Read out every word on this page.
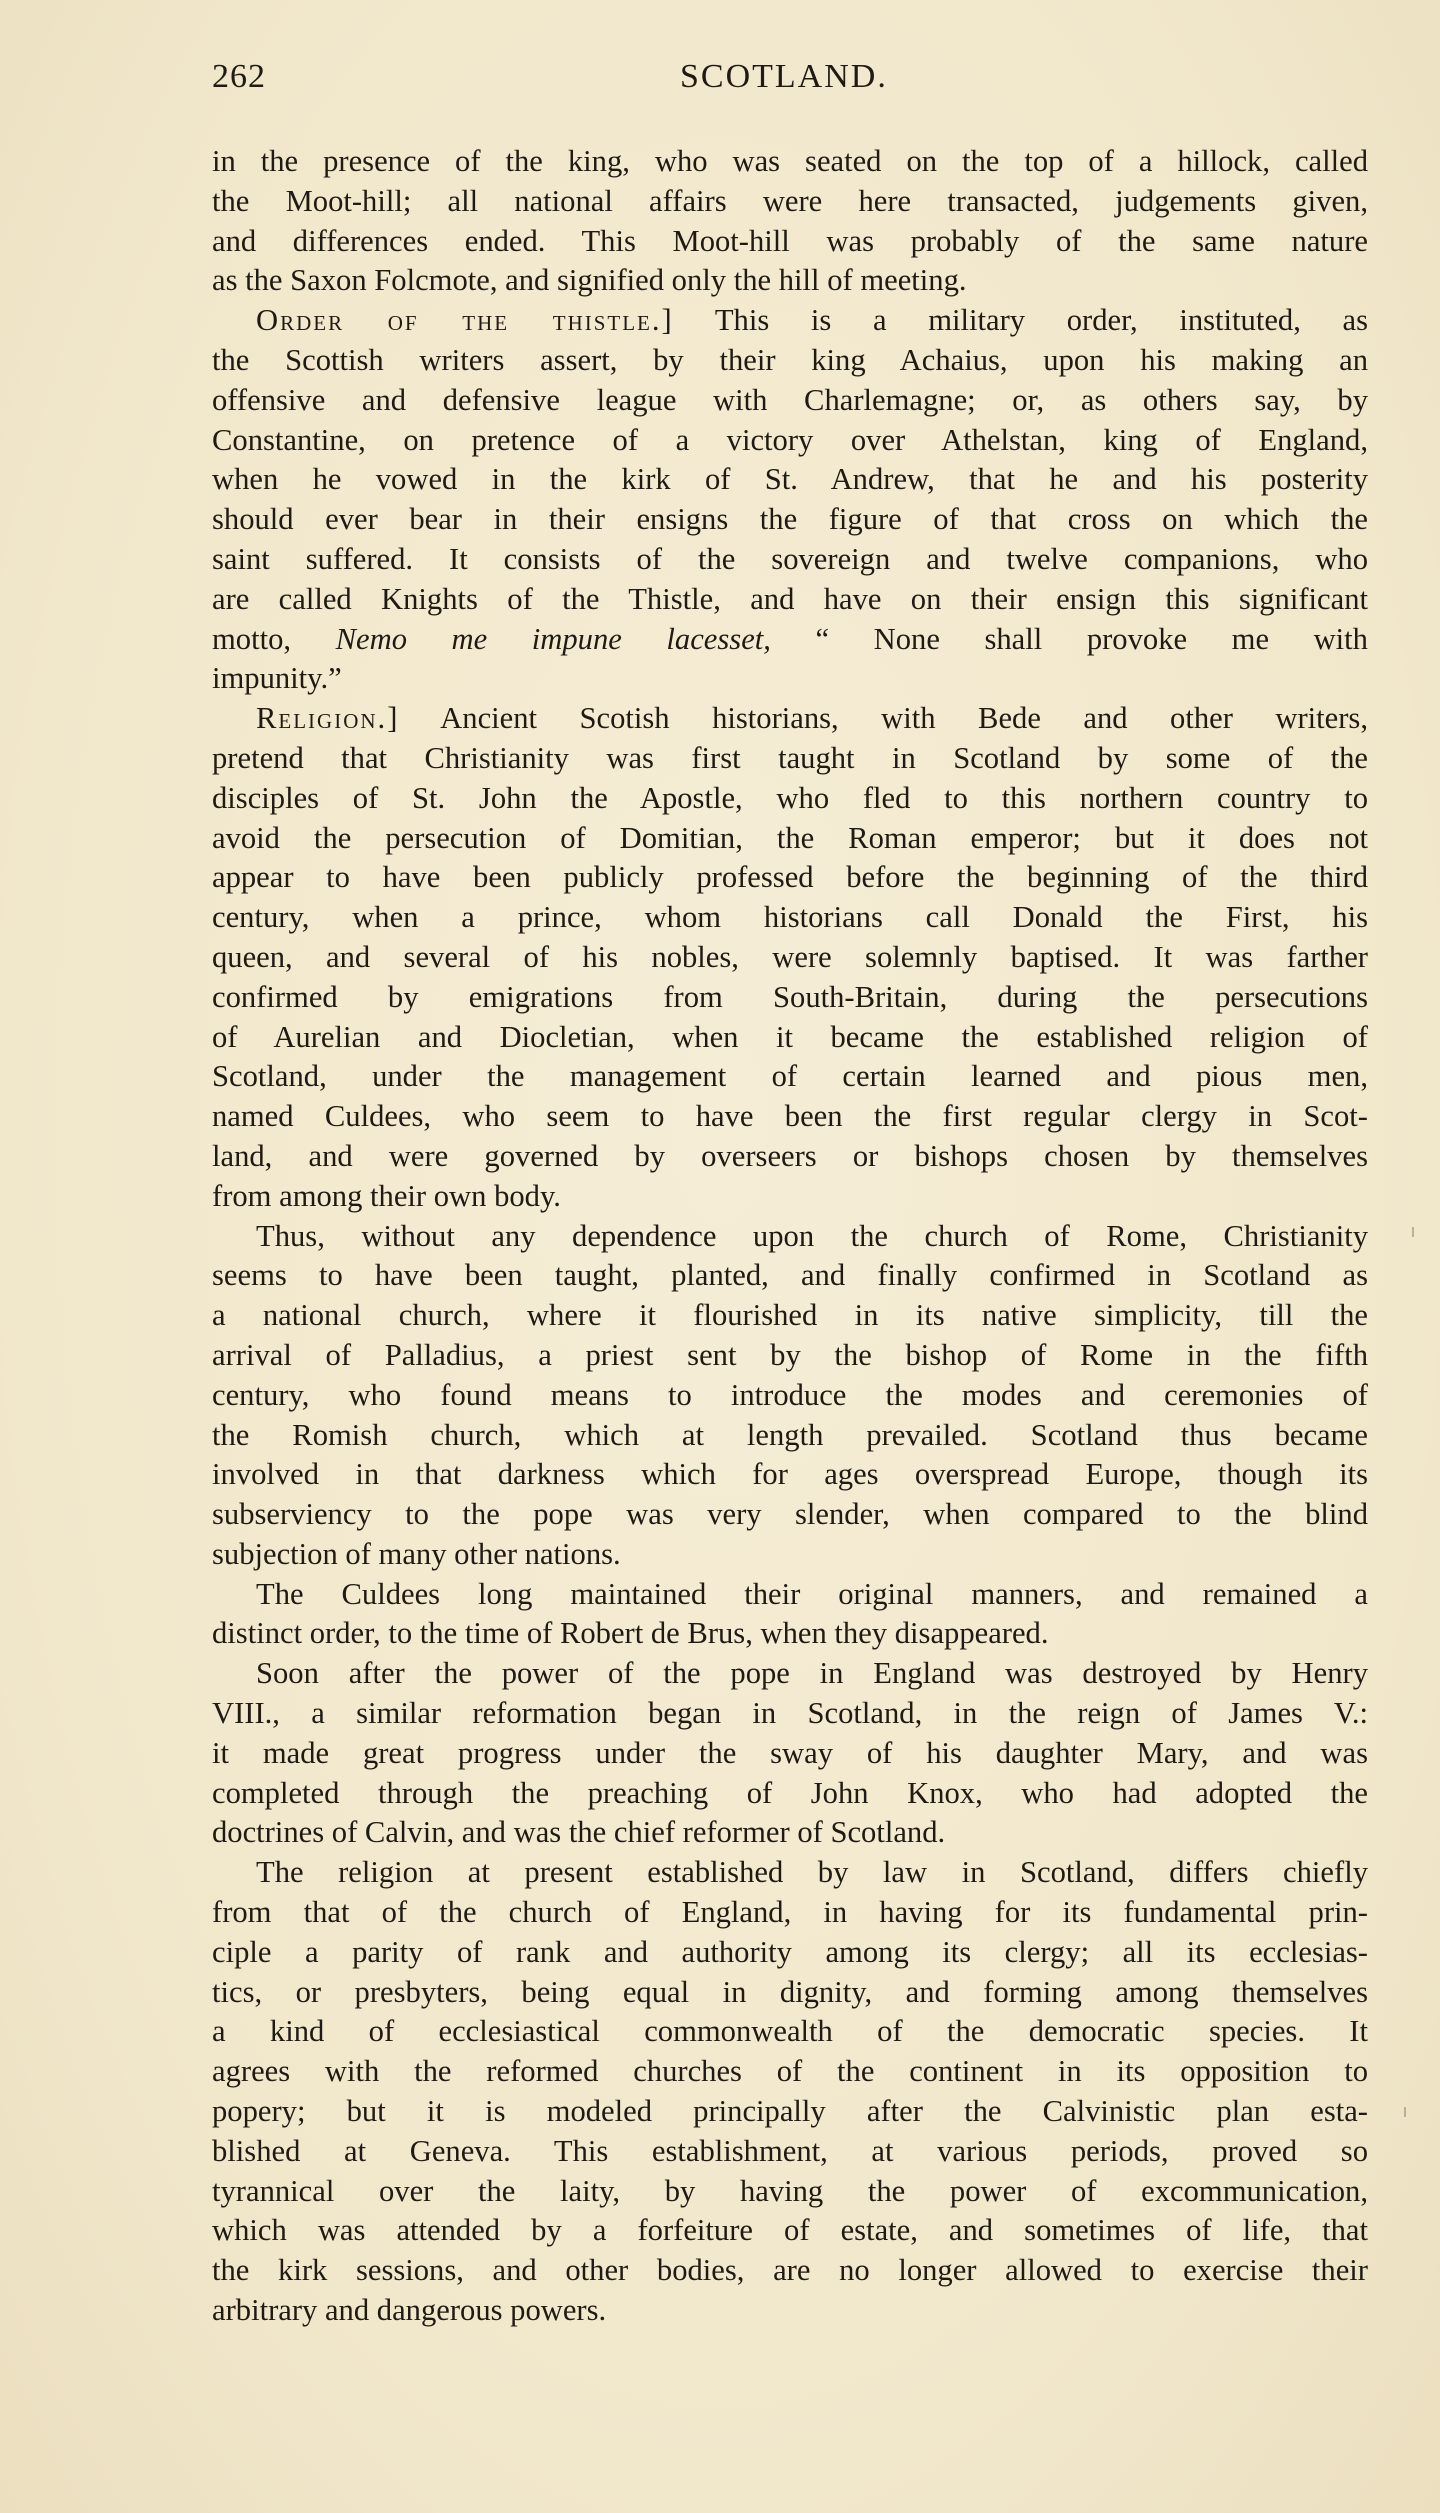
262	SCOTLAND.
in the presence of the king, who was seated on the top of a hillock, called
the Moot-hill; all national affairs were here transacted, judgements given,
and differences ended. This Moot-hill was probably of the same nature
as the Saxon Folcmote, and signified only the hill of meeting.
Order of the thistle.] This is a military order, instituted, as
the Scottish writers assert, by their king Achaius, upon his making an
offensive and defensive league with Charlemagne; or, as others say, by
Constantine, on pretence of a victory over Athelstan, king of England,
when he vowed in the kirk of St. Andrew, that he and his posterity
should ever bear in their ensigns the figure of that cross on which the
saint suffered. It consists of the sovereign and twelve companions, who
are called Knights of the Thistle, and have on their ensign this significant
motto, Nemo me impune lacesset, “ None shall provoke me with
impunity.”
Religion.] Ancient Scotish historians, with Bede and other writers,
pretend that Christianity was first taught in Scotland by some of the
disciples of St. John the Apostle, who fled to this northern country to
avoid the persecution of Domitian, the Roman emperor; but it does not
appear to have been publicly professed before the beginning of the third
century, when a prince, whom historians call Donald the First, his
queen, and several of his nobles, were solemnly baptised. It was farther
confirmed by emigrations from South-Britain, during the persecutions
of Aurelian and Diocletian, when it became the established religion of
Scotland, under the management of certain learned and pious men,
named Culdees, who seem to have been the first regular clergy in Scot-
land, and were governed by overseers or bishops chosen by themselves
from among their own body.
Thus, without any dependence upon the church of Rome, Christianity
seems to have been taught, planted, and finally confirmed in Scotland as
a national church, where it flourished in its native simplicity, till the
arrival of Palladius, a priest sent by the bishop of Rome in the fifth
century, who found means to introduce the modes and ceremonies of
the Romish church, which at length prevailed. Scotland thus became
involved in that darkness which for ages overspread Europe, though its
subserviency to the pope was very slender, when compared to the blind
subjection of many other nations.
The Culdees long maintained their original manners, and remained a
distinct order, to the time of Robert de Brus, when they disappeared.
Soon after the power of the pope in England was destroyed by Henry
VIII., a similar reformation began in Scotland, in the reign of James V.:
it made great progress under the sway of his daughter Mary, and was
completed through the preaching of John Knox, who had adopted the
doctrines of Calvin, and was the chief reformer of Scotland.
The religion at present established by law in Scotland, differs chiefly
from that of the church of England, in having for its fundamental prin-
ciple a parity of rank and authority among its clergy; all its ecclesias-
tics, or presbyters, being equal in dignity, and forming among themselves
a kind of ecclesiastical commonwealth of the democratic species. It
agrees with the reformed churches of the continent in its opposition to
popery; but it is modeled principally after the Calvinistic plan esta-
blished at Geneva. This establishment, at various periods, proved so
tyrannical over the laity, by having the power of excommunication,
which was attended by a forfeiture of estate, and sometimes of life, that
the kirk sessions, and other bodies, are no longer allowed to exercise their
arbitrary and dangerous powers.
